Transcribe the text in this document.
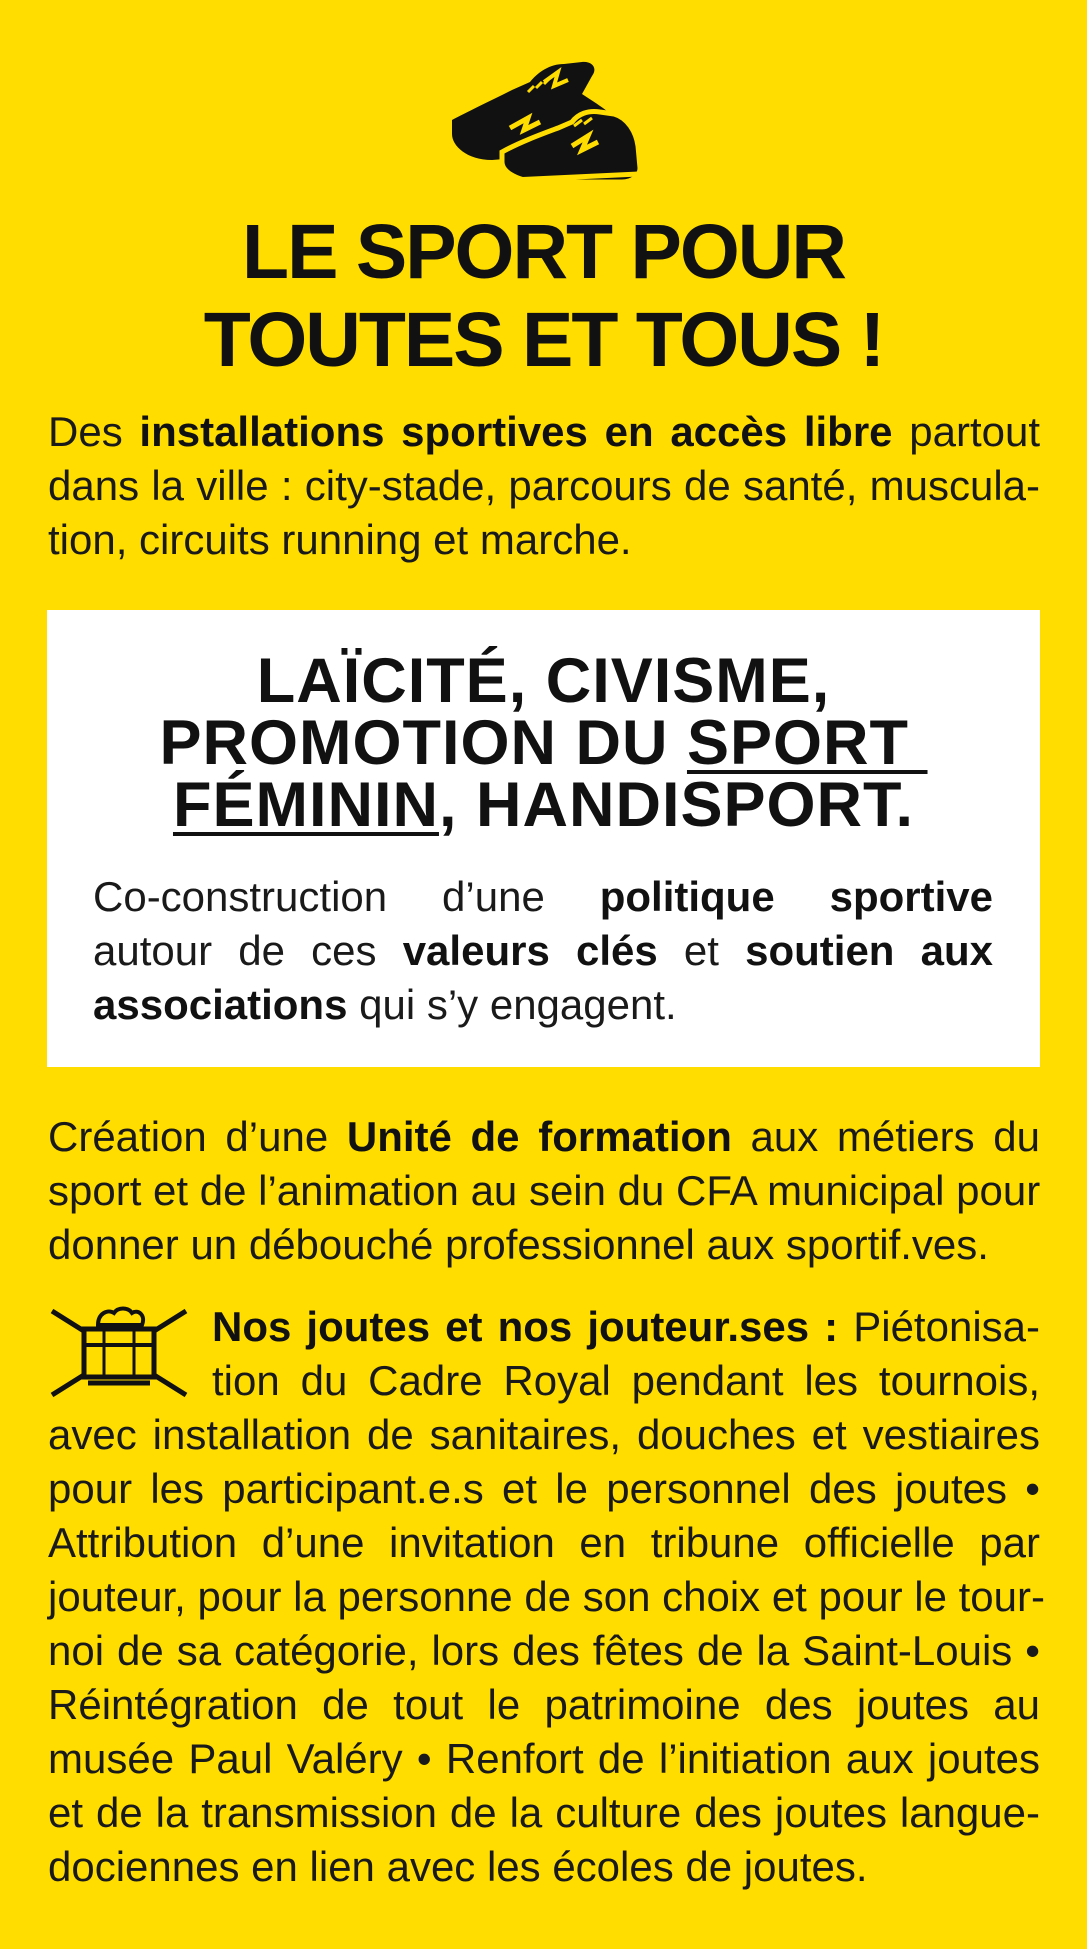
LE SPORT POUR
TOUTES ET TOUS !
Des installations sportives en accès libre partout
dans la ville : city-stade, parcours de santé, muscula-
tion, circuits running et marche.
LAÏCITÉ, CIVISME,
PROMOTION DU SPORT
FÉMININ, HANDISPORT.
Co-construction d’une politique sportive
autour de ces valeurs clés et soutien aux
associations qui s’y engagent.
Création d’une Unité de formation aux métiers du
sport et de l’animation au sein du CFA municipal pour
donner un débouché professionnel aux sportif.ves.
Nos joutes et nos jouteur.ses : Piétonisa-
tion du Cadre Royal pendant les tournois,
avec installation de sanitaires, douches et vestiaires
pour les participant.e.s et le personnel des joutes •
Attribution d’une invitation en tribune officielle par
jouteur, pour la personne de son choix et pour le tour-
noi de sa catégorie, lors des fêtes de la Saint-Louis •
Réintégration de tout le patrimoine des joutes au
musée Paul Valéry • Renfort de l’initiation aux joutes
et de la transmission de la culture des joutes langue-
dociennes en lien avec les écoles de joutes.
